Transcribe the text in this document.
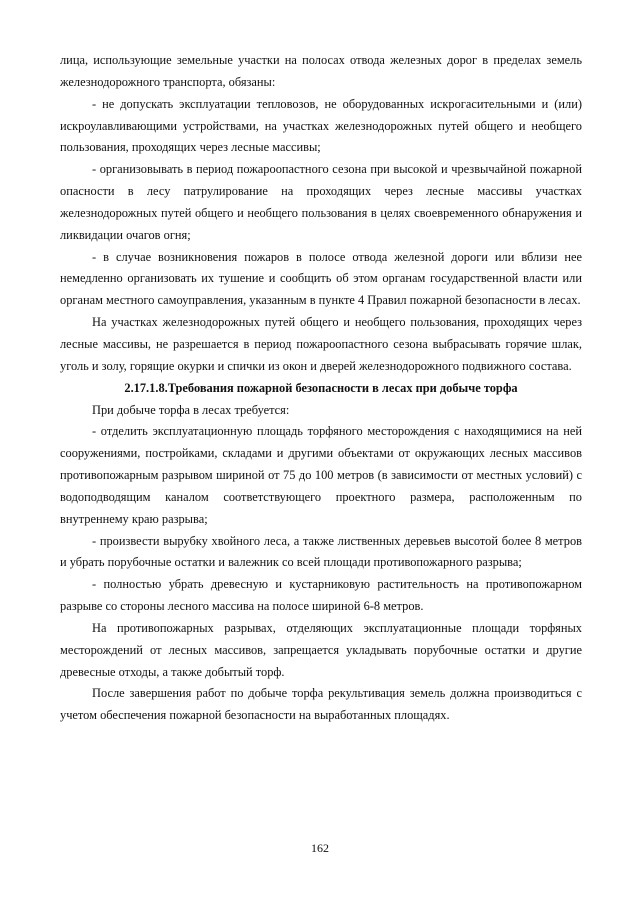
лица, использующие земельные участки на полосах отвода железных дорог в пределах земель железнодорожного транспорта, обязаны:

- не допускать эксплуатации тепловозов, не оборудованных искрогасительными и (или) искроулавливающими устройствами, на участках железнодорожных путей общего и необщего пользования, проходящих через лесные массивы;

- организовывать в период пожароопастного сезона при высокой и чрезвычайной пожарной опасности в лесу патрулирование на проходящих через лесные массивы участках железнодорожных путей общего и необщего пользования в целях своевременного обнаружения и ликвидации очагов огня;

- в случае возникновения пожаров в полосе отвода железной дороги или вблизи нее немедленно организовать их тушение и сообщить об этом органам государственной власти или органам местного самоуправления, указанным в пункте 4 Правил пожарной безопасности в лесах.

На участках железнодорожных путей общего и необщего пользования, проходящих через лесные массивы, не разрешается в период пожароопастного сезона выбрасывать горячие шлак, уголь и золу, горящие окурки и спички из окон и дверей железнодорожного подвижного состава.

2.17.1.8.Требования пожарной безопасности в лесах при добыче торфа

При добыче торфа в лесах требуется:

- отделить эксплуатационную площадь торфяного месторождения с находящимися на ней сооружениями, постройками, складами и другими объектами от окружающих лесных массивов противопожарным разрывом шириной от 75 до 100 метров (в зависимости от местных условий) с водоподводящим каналом соответствующего проектного размера, расположенным по внутреннему краю разрыва;

- произвести вырубку хвойного леса, а также лиственных деревьев высотой более 8 метров и убрать порубочные остатки и валежник со всей площади противопожарного разрыва;

- полностью убрать древесную и кустарниковую растительность на противопожарном разрыве со стороны лесного массива на полосе шириной 6-8 метров.

На противопожарных разрывах, отделяющих эксплуатационные площади торфяных месторождений от лесных массивов, запрещается укладывать порубочные остатки и другие древесные отходы, а также добытый торф.

После завершения работ по добыче торфа рекультивация земель должна производиться с учетом обеспечения пожарной безопасности на выработанных площадях.

162
